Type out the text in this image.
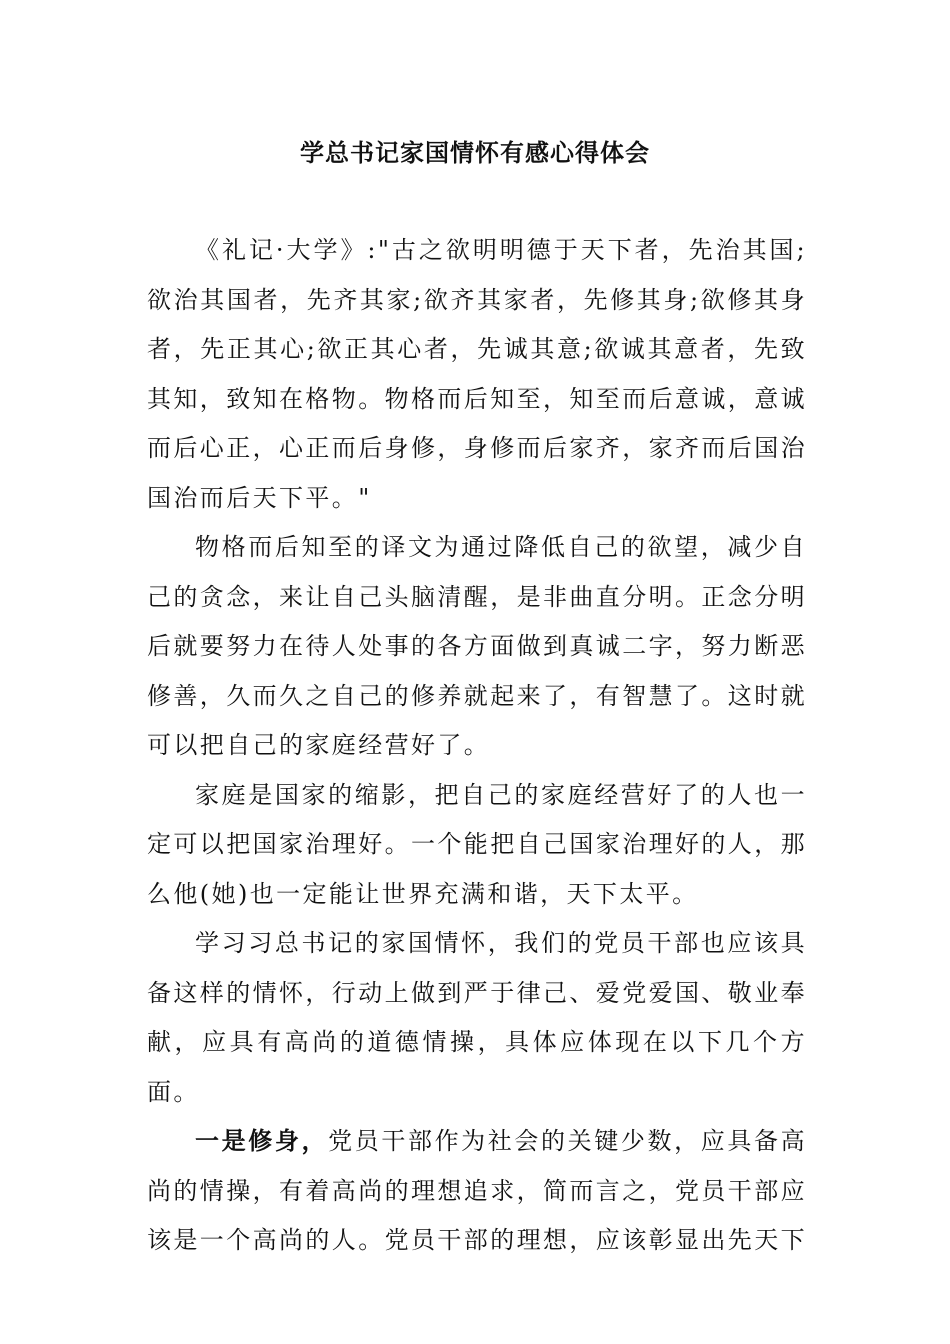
学总书记家国情怀有感心得体会

《礼记·大学》:"古之欲明明德于天下者，先治其国;欲治其国者，先齐其家;欲齐其家者，先修其身;欲修其身者，先正其心;欲正其心者，先诚其意;欲诚其意者，先致其知，致知在格物。物格而后知至，知至而后意诚，意诚而后心正，心正而后身修，身修而后家齐，家齐而后国治国治而后天下平。"

物格而后知至的译文为通过降低自己的欲望，减少自己的贪念，来让自己头脑清醒，是非曲直分明。正念分明后就要努力在待人处事的各方面做到真诚二字，努力断恶修善，久而久之自己的修养就起来了，有智慧了。这时就可以把自己的家庭经营好了。

家庭是国家的缩影，把自己的家庭经营好了的人也一定可以把国家治理好。一个能把自己国家治理好的人，那么他(她)也一定能让世界充满和谐，天下太平。

学习习总书记的家国情怀，我们的党员干部也应该具备这样的情怀，行动上做到严于律己、爱党爱国、敬业奉献，应具有高尚的道德情操，具体应体现在以下几个方面。

一是修身，党员干部作为社会的关键少数，应具备高尚的情操，有着高尚的理想追求，简而言之，党员干部应该是一个高尚的人。党员干部的理想，应该彰显出先天下
